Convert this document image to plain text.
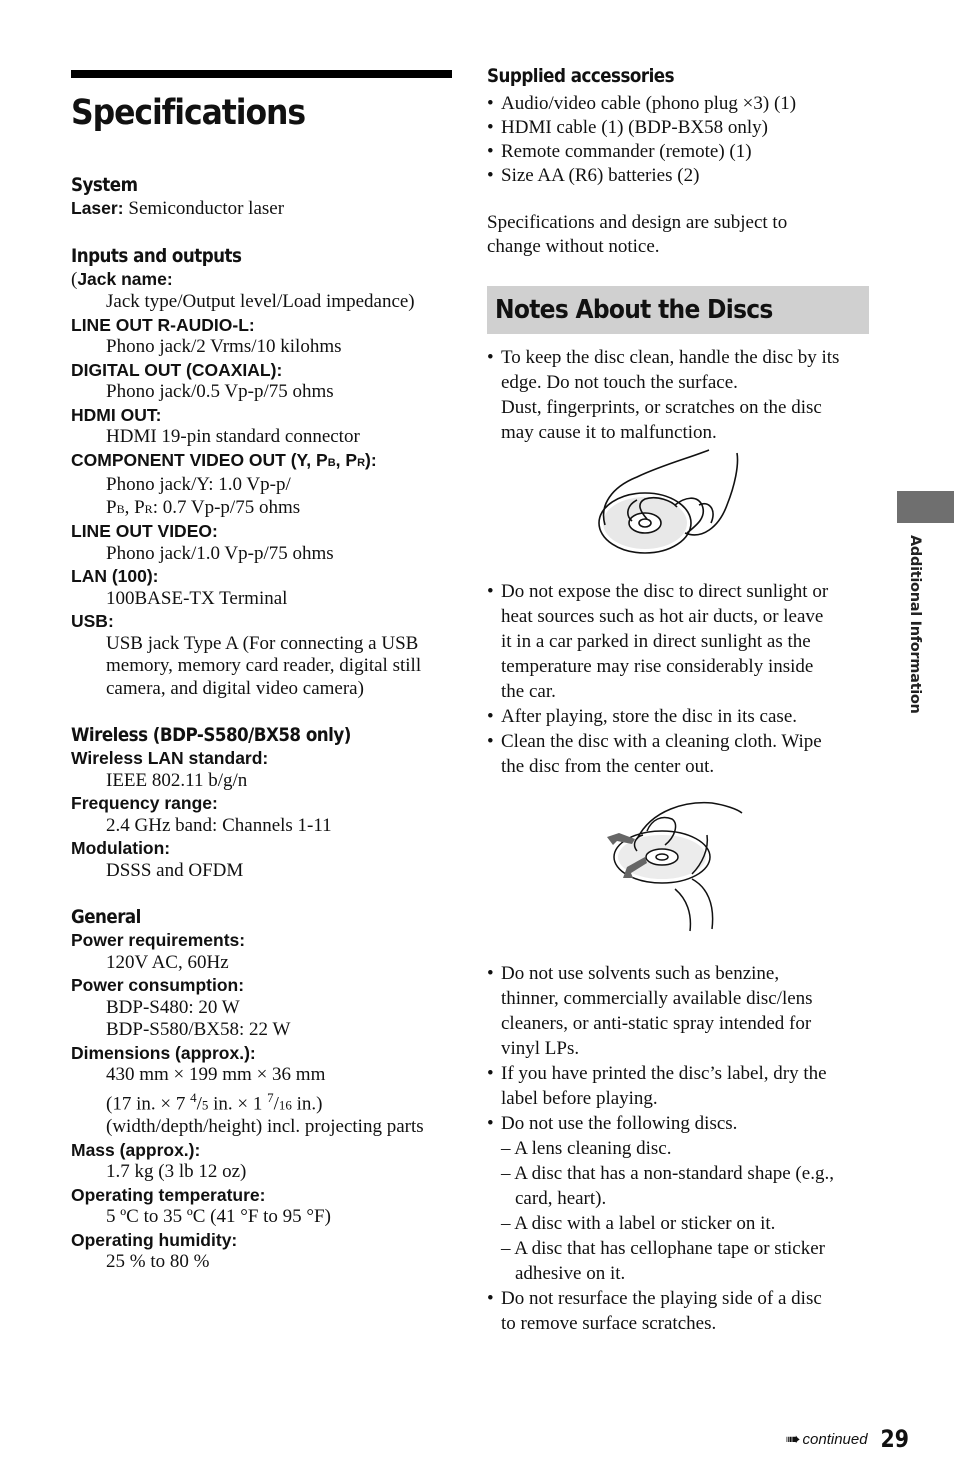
Specifications
System
Laser: Semiconductor laser
Inputs and outputs
(Jack name:
Jack type/Output level/Load impedance)
LINE OUT R-AUDIO-L:
Phono jack/2 Vrms/10 kilohms
DIGITAL OUT (COAXIAL):
Phono jack/0.5 Vp-p/75 ohms
HDMI OUT:
HDMI 19-pin standard connector
COMPONENT VIDEO OUT (Y, PB, PR):
Phono jack/Y: 1.0 Vp-p/
PB, PR: 0.7 Vp-p/75 ohms
LINE OUT VIDEO:
Phono jack/1.0 Vp-p/75 ohms
LAN (100):
100BASE-TX Terminal
USB:
USB jack Type A (For connecting a USB
memory, memory card reader, digital still
camera, and digital video camera)
Wireless (BDP-S580/BX58 only)
Wireless LAN standard:
IEEE 802.11 b/g/n
Frequency range:
2.4 GHz band: Channels 1-11
Modulation:
DSSS and OFDM
General
Power requirements:
120V AC, 60Hz
Power consumption:
BDP-S480: 20 W
BDP-S580/BX58: 22 W
Dimensions (approx.):
430 mm × 199 mm × 36 mm
(17 in. × 7 $^4$/5 in. × 1 $^7$/16 in.)
(width/depth/height) incl. projecting parts
Mass (approx.):
1.7 kg (3 lb 12 oz)
Operating temperature:
5 ºC to 35 ºC (41 °F to 95 °F)
Operating humidity:
25 % to 80 %
Supplied accessories
• Audio/video cable (phono plug ×3) (1)
• HDMI cable (1) (BDP-BX58 only)
• Remote commander (remote) (1)
• Size AA (R6) batteries (2)
Specifications and design are subject to
change without notice.
Notes About the Discs
• To keep the disc clean, handle the disc by its
edge. Do not touch the surface.
Dust, fingerprints, or scratches on the disc
may cause it to malfunction.
• Do not expose the disc to direct sunlight or
heat sources such as hot air ducts, or leave
it in a car parked in direct sunlight as the
temperature may rise considerably inside
the car.
• After playing, store the disc in its case.
• Clean the disc with a cleaning cloth. Wipe
the disc from the center out.
• Do not use solvents such as benzine,
thinner, commercially available disc/lens
cleaners, or anti-static spray intended for
vinyl LPs.
• If you have printed the disc’s label, dry the
label before playing.
• Do not use the following discs.
– A lens cleaning disc.
– A disc that has a non-standard shape (e.g.,
card, heart).
– A disc with a label or sticker on it.
– A disc that has cellophane tape or sticker
adhesive on it.
• Do not resurface the playing side of a disc
to remove surface scratches.
Additional Information
➠ continued 29
